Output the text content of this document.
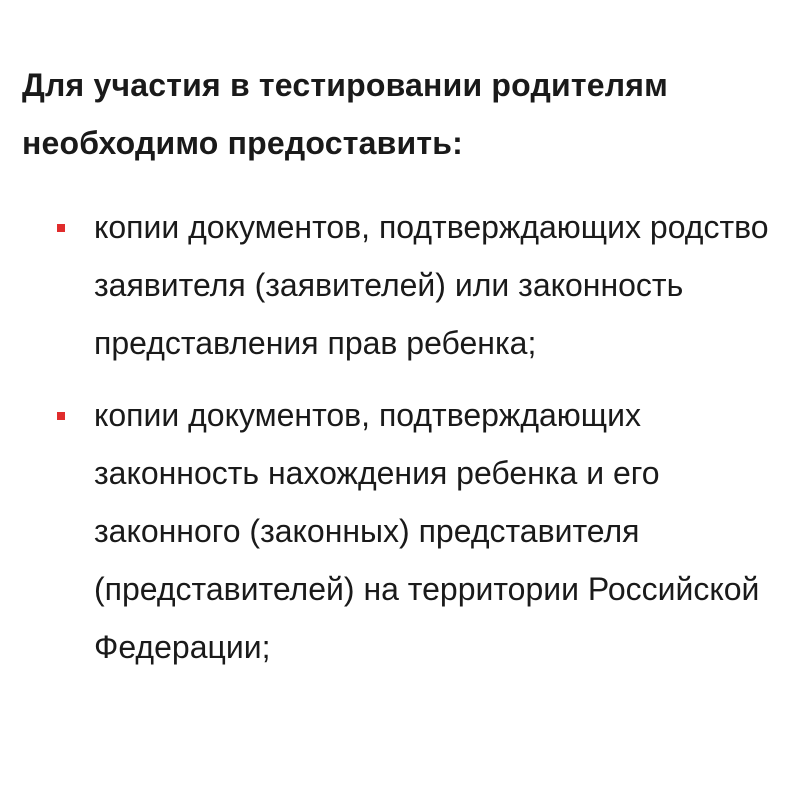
Для участия в тестировании родителям необходимо предоставить:
копии документов, подтверждающих родство заявителя (заявителей) или законность представления прав ребенка;
копии документов, подтверждающих законность нахождения ребенка и его законного (законных) представителя (представителей) на территории Российской Федерации;
